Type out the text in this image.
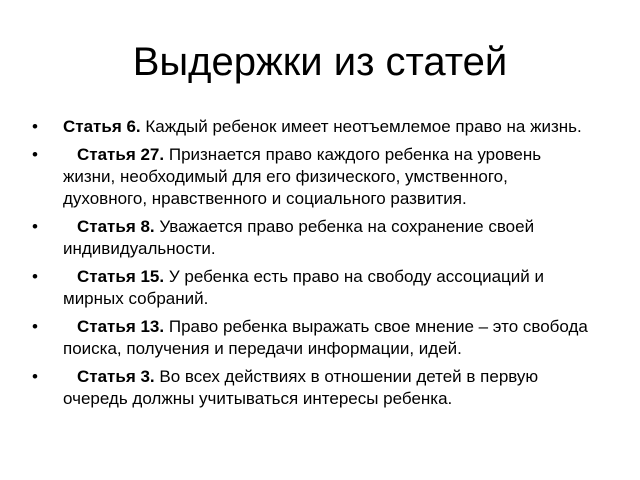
Выдержки из статей
• Статья 6. Каждый ребенок имеет неотъемлемое право на жизнь.
• Статья 27. Признается право каждого ребенка на уровень жизни, необходимый для его физического, умственного, духовного, нравственного и социального развития.
• Статья 8. Уважается право ребенка на сохранение своей индивидуальности.
• Статья 15. У ребенка есть право на свободу ассоциаций и мирных собраний.
• Статья 13. Право ребенка выражать свое мнение – это свобода поиска, получения и передачи информации, идей.
• Статья 3. Во всех действиях в отношении детей в первую очередь должны учитываться интересы ребенка.
